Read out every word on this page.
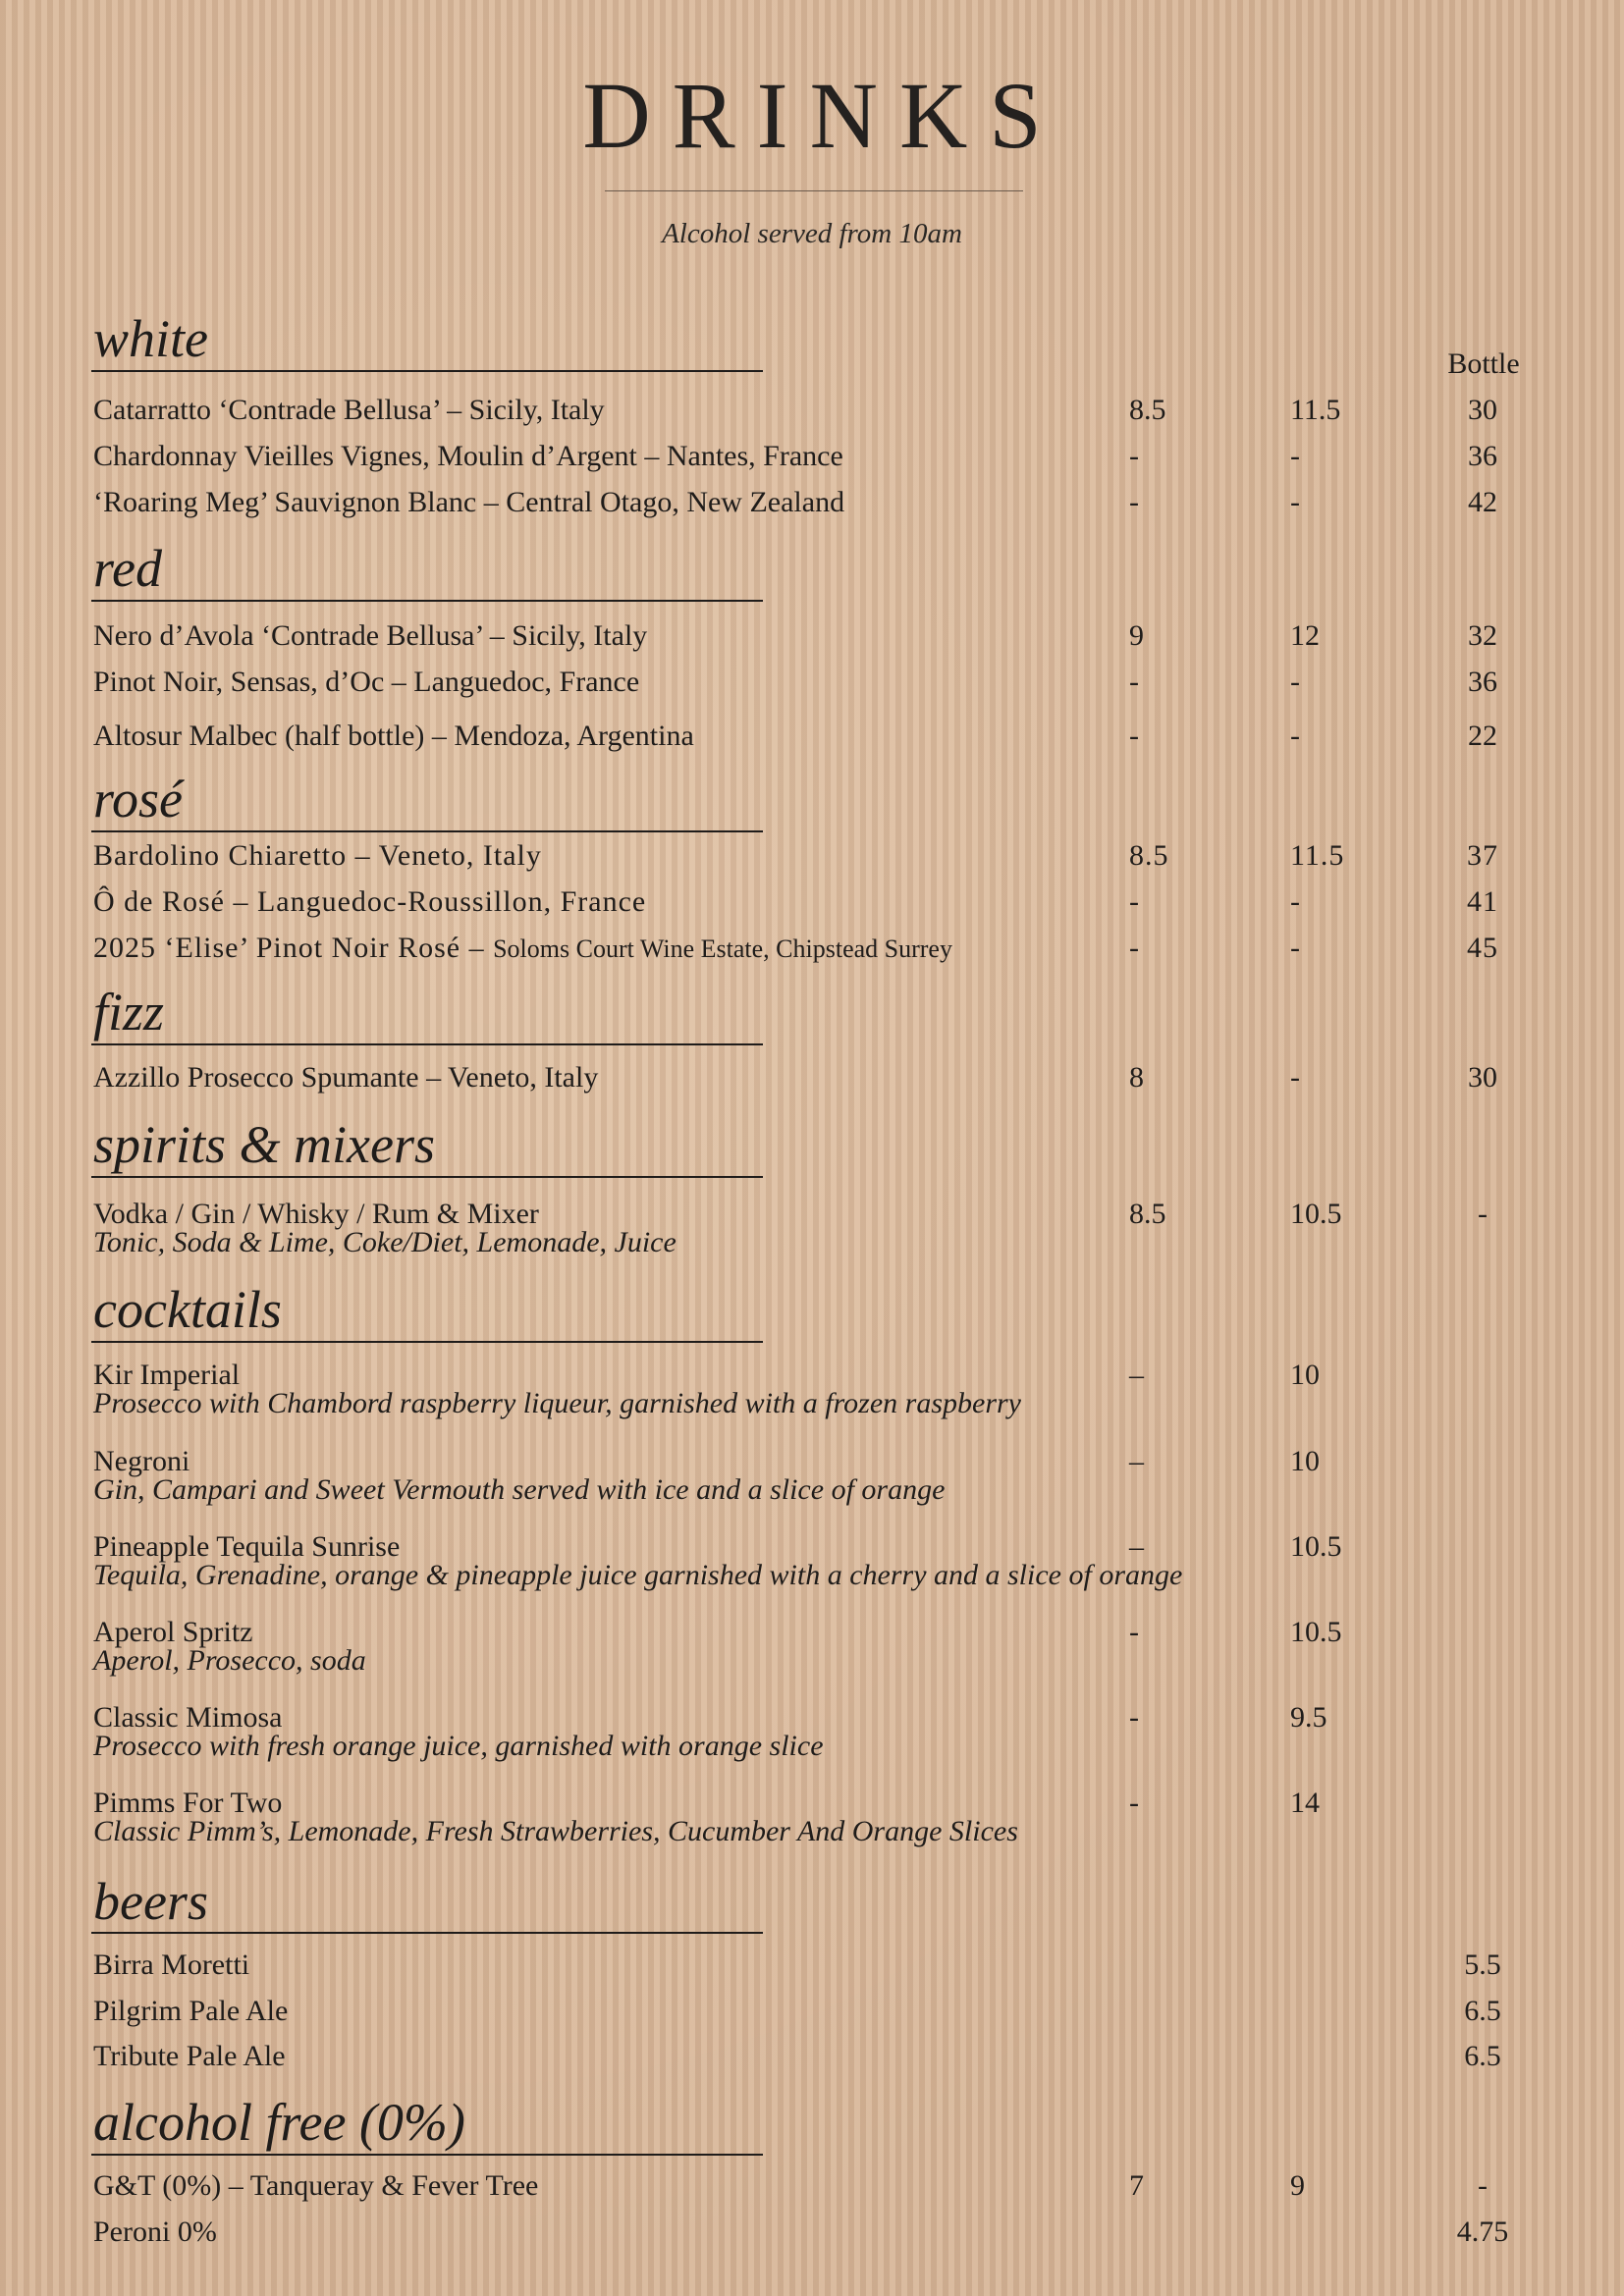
DRINKS
Alcohol served from 10am
white	Bottle
Catarratto ‘Contrade Bellusa’ – Sicily, Italy	8.5	11.5	30
Chardonnay Vieilles Vignes, Moulin d’Argent – Nantes, France	-	-	36
‘Roaring Meg’ Sauvignon Blanc – Central Otago, New Zealand	-	-	42
red
Nero d’Avola ‘Contrade Bellusa’ – Sicily, Italy	9	12	32
Pinot Noir, Sensas, d’Oc – Languedoc, France	-	-	36
Altosur Malbec (half bottle) – Mendoza, Argentina	-	-	22
rosé
Bardolino Chiaretto – Veneto, Italy	8.5	11.5	37
Ô de Rosé – Languedoc-Roussillon, France	-	-	41
2025 ‘Elise’ Pinot Noir Rosé – Soloms Court Wine Estate, Chipstead Surrey	-	-	45
fizz
Azzillo Prosecco Spumante – Veneto, Italy	8	-	30
spirits & mixers
Vodka / Gin / Whisky / Rum & Mixer
Tonic, Soda & Lime, Coke/Diet, Lemonade, Juice
8.5	10.5	-
cocktails
Kir Imperial
Prosecco with Chambord raspberry liqueur, garnished with a frozen raspberry
–	10
Negroni
Gin, Campari and Sweet Vermouth served with ice and a slice of orange
–	10
Pineapple Tequila Sunrise
Tequila, Grenadine, orange & pineapple juice garnished with a cherry and a slice of orange
–	10.5
Aperol Spritz
Aperol, Prosecco, soda
-	10.5
Classic Mimosa
Prosecco with fresh orange juice, garnished with orange slice
-	9.5
Pimms For Two
Classic Pimm’s, Lemonade, Fresh Strawberries, Cucumber And Orange Slices
-	14
beers
Birra Moretti	5.5
Pilgrim Pale Ale	6.5
Tribute Pale Ale	6.5
alcohol free (0%)
G&T (0%) – Tanqueray & Fever Tree	7	9	-
Peroni 0%	4.75
